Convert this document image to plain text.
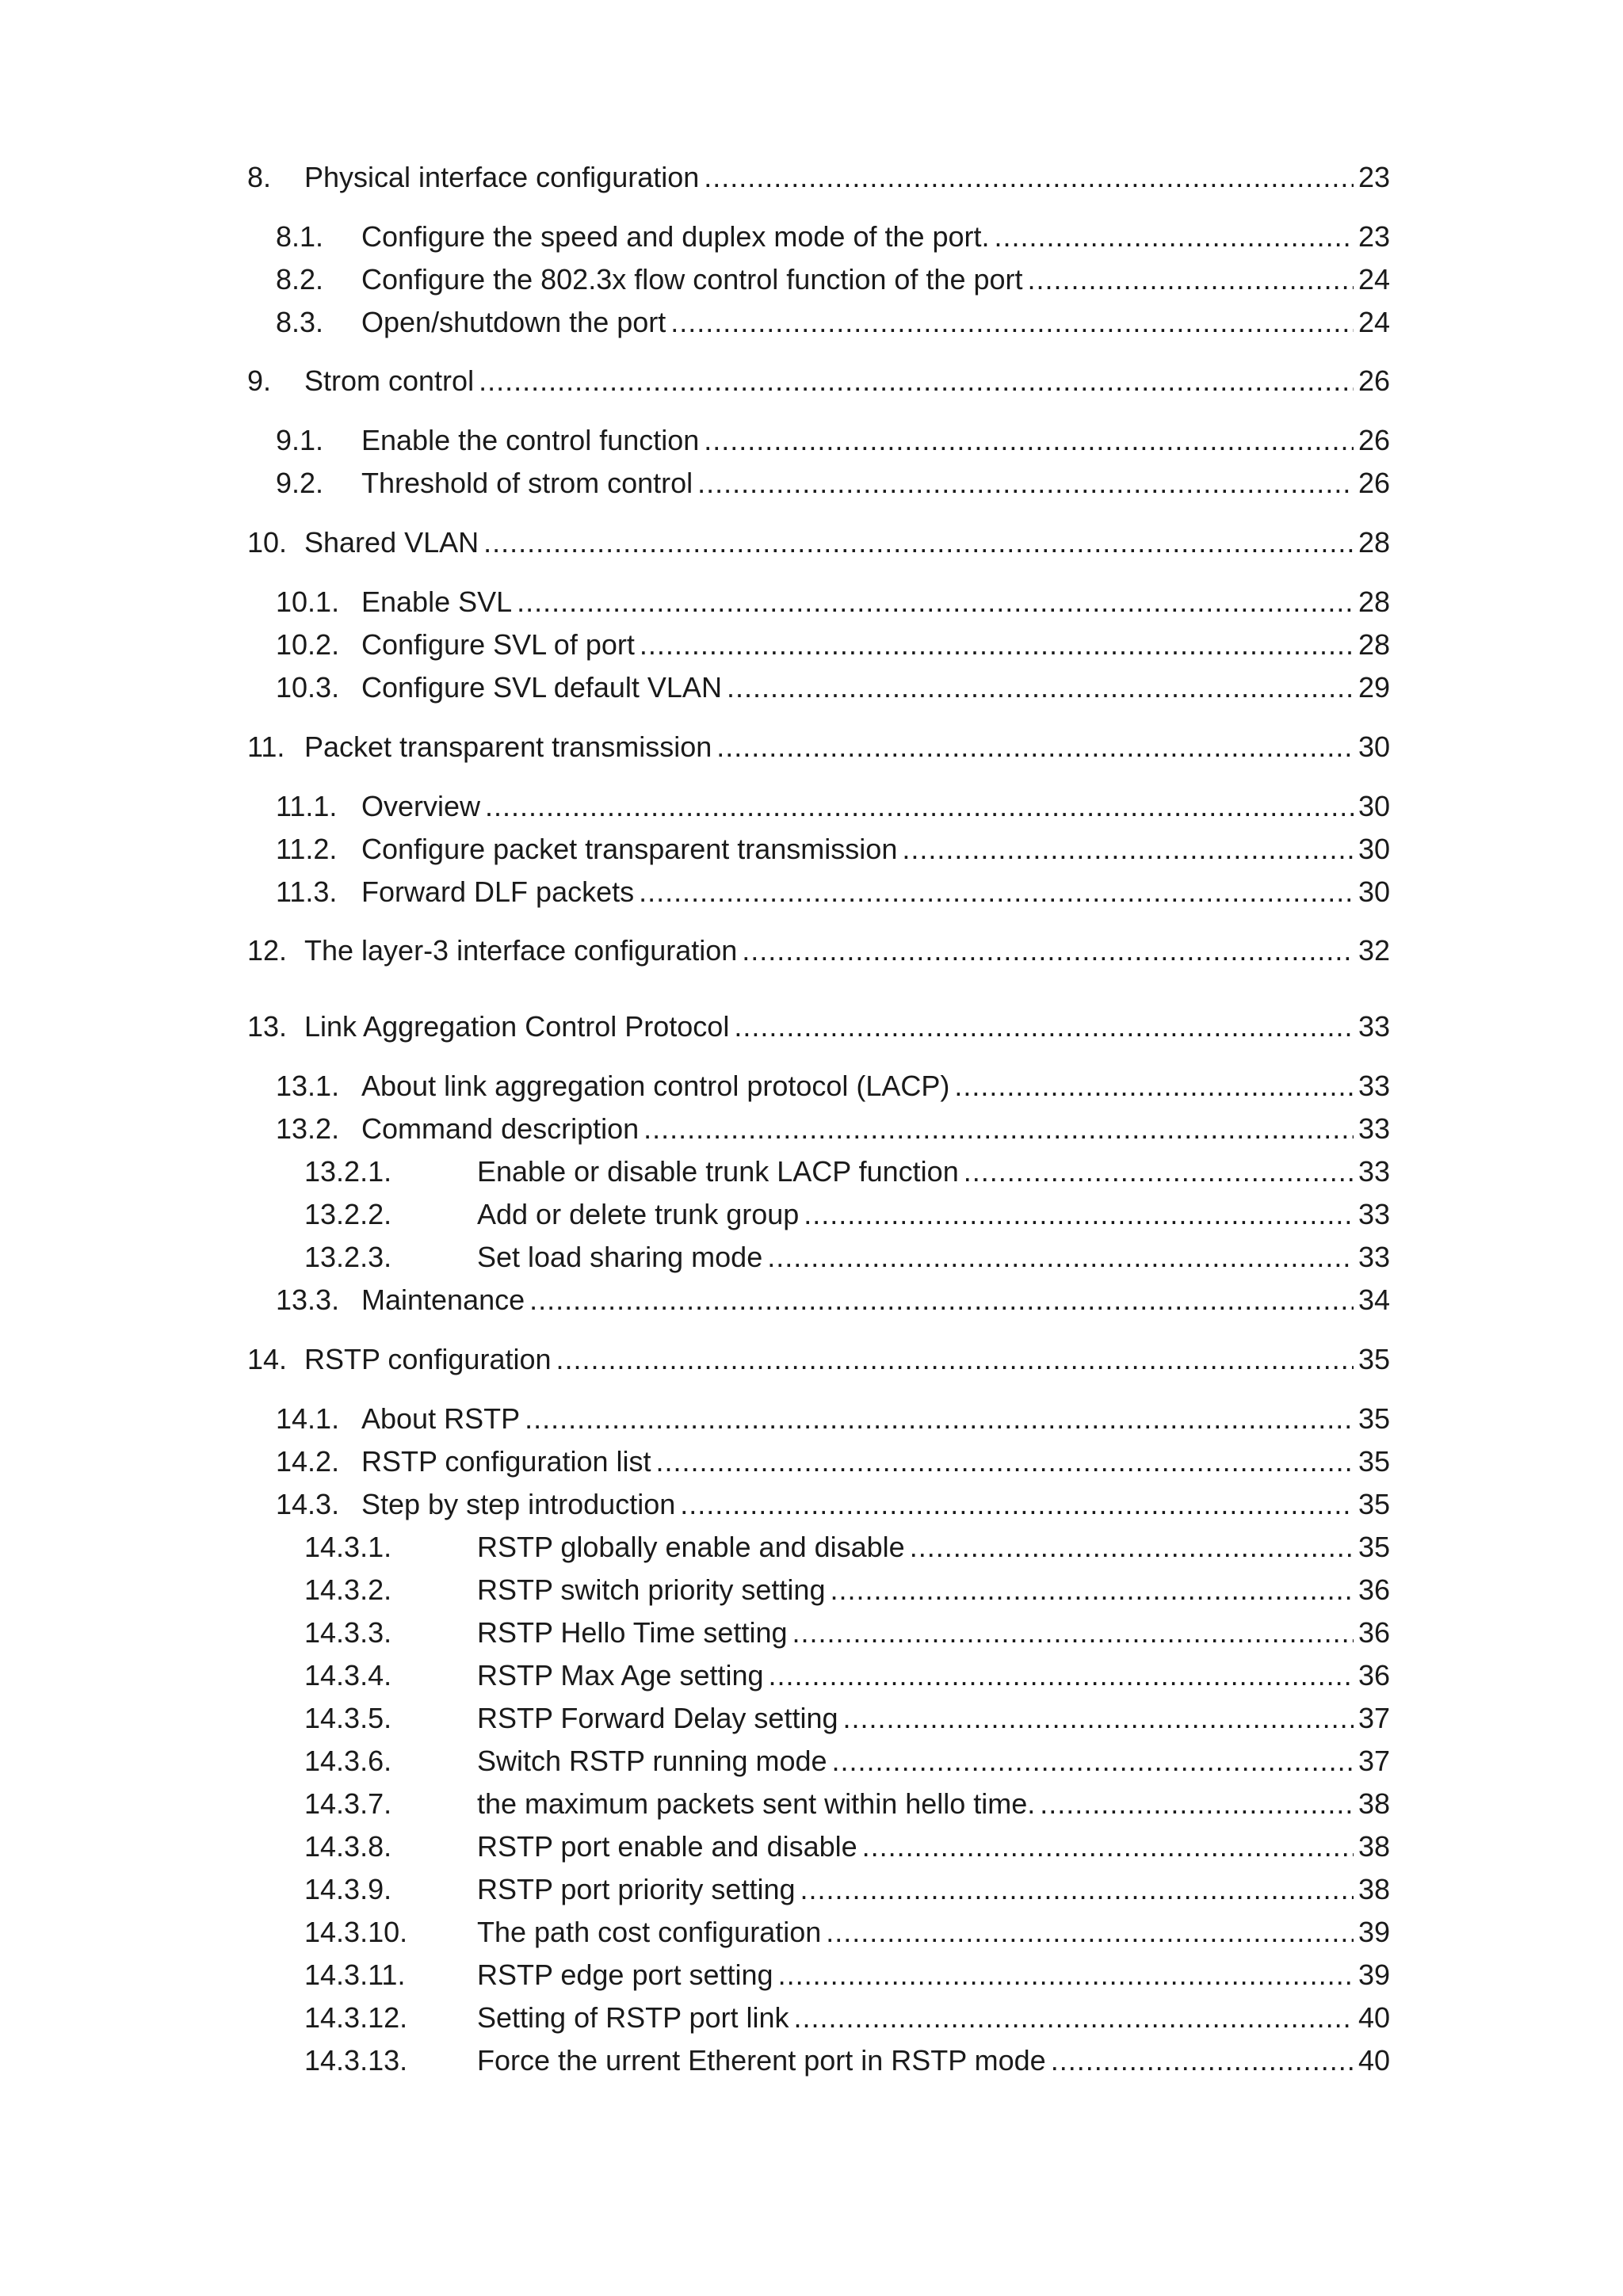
8.	Physical interface configuration .....	23
8.1.	Configure the speed and duplex mode of the port. .....	23
8.2.	Configure the 802.3x flow control function of the port .....	24
8.3.	Open/shutdown the port .....	24
9.	Strom control .....	26
9.1.	Enable the control function .....	26
9.2.	Threshold of strom control .....	26
10. Shared VLAN .....	28
10.1. Enable SVL .....	28
10.2. Configure SVL of port .....	28
10.3. Configure SVL default VLAN .....	29
11. Packet transparent transmission .....	30
11.1. Overview .....	30
11.2. Configure packet transparent transmission .....	30
11.3. Forward DLF packets .....	30
12. The layer-3 interface configuration .....	32
13. Link Aggregation Control Protocol .....	33
13.1. About link aggregation control protocol (LACP) .....	33
13.2. Command description .....	33
13.2.1.	Enable or disable trunk LACP function .....	33
13.2.2.	Add or delete trunk group .....	33
13.2.3.	Set load sharing mode .....	33
13.3. Maintenance .....	34
14. RSTP configuration .....	35
14.1. About RSTP .....	35
14.2. RSTP configuration list .....	35
14.3. Step by step introduction .....	35
14.3.1.	RSTP globally enable and disable .....	35
14.3.2.	RSTP switch priority setting .....	36
14.3.3.	RSTP Hello Time setting .....	36
14.3.4.	RSTP Max Age setting .....	36
14.3.5.	RSTP Forward Delay setting .....	37
14.3.6.	Switch RSTP running mode .....	37
14.3.7.	the maximum packets sent within hello time. .....	38
14.3.8.	RSTP port enable and disable .....	38
14.3.9.	RSTP port priority setting .....	38
14.3.10.	The path cost configuration .....	39
14.3.11.	RSTP edge port setting .....	39
14.3.12.	Setting of RSTP port link .....	40
14.3.13.	Force the urrent Etherent port in RSTP mode .....	40
